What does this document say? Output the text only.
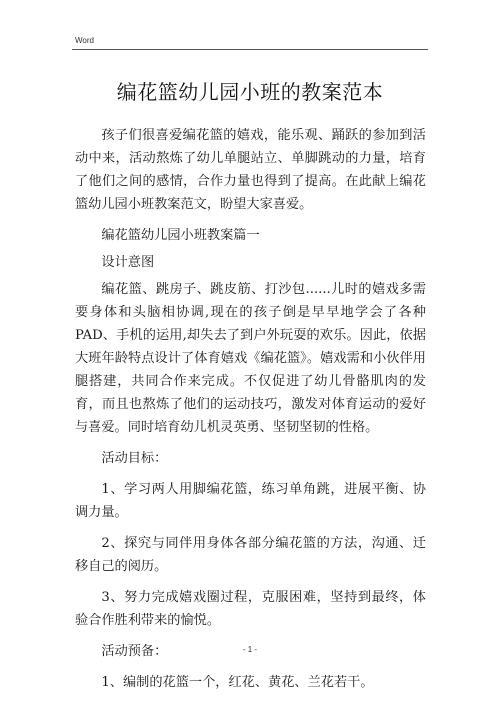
Word
编花篮幼儿园小班的教案范本

孩子们很喜爱编花篮的嬉戏，能乐观、踊跃的参加到活动中来，活动熬炼了幼儿单腿站立、单脚跳动的力量，培育了他们之间的感情，合作力量也得到了提高。在此献上编花篮幼儿园小班教案范文，盼望大家喜爱。

编花篮幼儿园小班教案篇一

设计意图

编花篮、跳房子、跳皮筋、打沙包......儿时的嬉戏多需要身体和头脑相协调,现在的孩子倒是早早地学会了各种PAD、手机的运用,却失去了到户外玩耍的欢乐。因此，依据大班年龄特点设计了体育嬉戏《编花篮》。嬉戏需和小伙伴用腿搭建，共同合作来完成。不仅促进了幼儿骨骼肌肉的发育，而且也熬炼了他们的运动技巧，激发对体育运动的爱好与喜爱。同时培育幼儿机灵英勇、坚韧坚韧的性格。

活动目标：

1、学习两人用脚编花篮，练习单角跳，进展平衡、协调力量。

2、探究与同伴用身体各部分编花篮的方法，沟通、迁移自己的阅历。

3、努力完成嬉戏圈过程，克服困难，坚持到最终，体验合作胜利带来的愉悦。

活动预备：

1、编制的花篮一个，红花、黄花、兰花若干。

- 1 -
